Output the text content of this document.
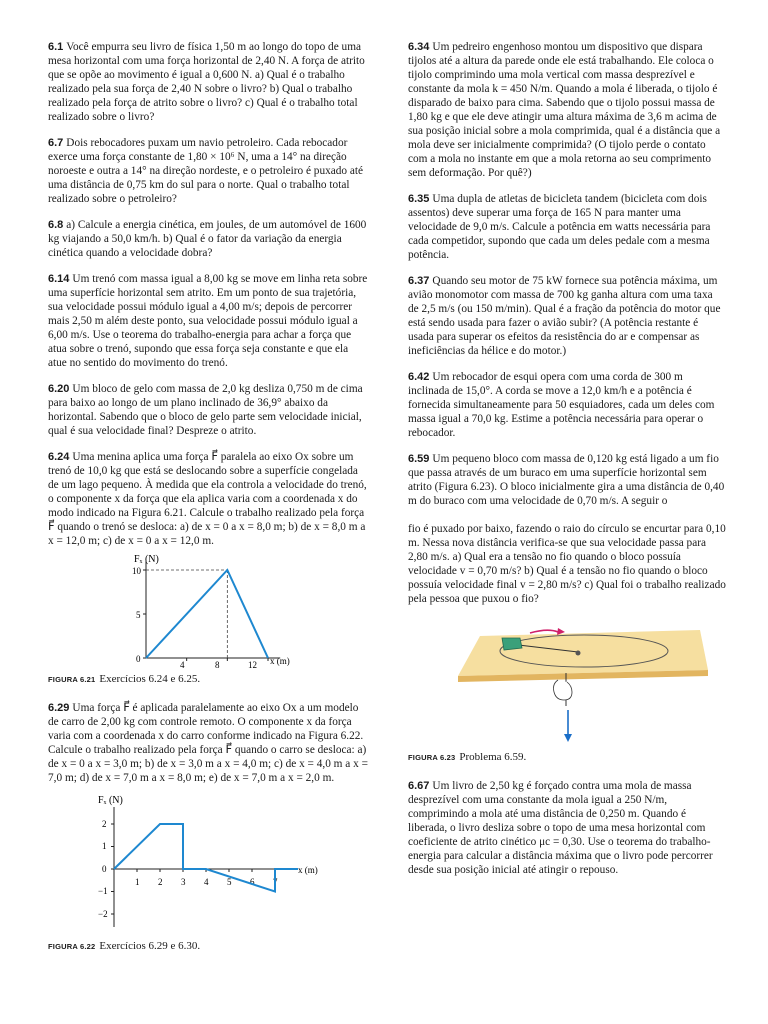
6.1 Você empurra seu livro de física 1,50 m ao longo do topo de uma mesa horizontal com uma força horizontal de 2,40 N. A força de atrito que se opõe ao movimento é igual a 0,600 N. a) Qual é o trabalho realizado pela sua força de 2,40 N sobre o livro? b) Qual o trabalho realizado pela força de atrito sobre o livro? c) Qual é o trabalho total realizado sobre o livro?

6.7 Dois rebocadores puxam um navio petroleiro. Cada rebocador exerce uma força constante de 1,80 × 10⁶ N, uma a 14° na direção noroeste e outra a 14° na direção nordeste, e o petroleiro é puxado até uma distância de 0,75 km do sul para o norte. Qual o trabalho total realizado sobre o petroleiro?

6.8 a) Calcule a energia cinética, em joules, de um automóvel de 1600 kg viajando a 50,0 km/h. b) Qual é o fator da variação da energia cinética quando a velocidade dobra?

6.14 Um trenó com massa igual a 8,00 kg se move em linha reta sobre uma superfície horizontal sem atrito. Em um ponto de sua trajetória, sua velocidade possui módulo igual a 4,00 m/s; depois de percorrer mais 2,50 m além deste ponto, sua velocidade possui módulo igual a 6,00 m/s. Use o teorema do trabalho-energia para achar a força que atua sobre o trenó, supondo que essa força seja constante e que ela atue no sentido do movimento do trenó.

6.20 Um bloco de gelo com massa de 2,0 kg desliza 0,750 m de cima para baixo ao longo de um plano inclinado de 36,9° abaixo da horizontal. Sabendo que o bloco de gelo parte sem velocidade inicial, qual é sua velocidade final? Despreze o atrito.

6.24 Uma menina aplica uma força F⃗ paralela ao eixo Ox sobre um trenó de 10,0 kg que está se deslocando sobre a superfície congelada de um lago pequeno. À medida que ela controla a velocidade do trenó, o componente x da força que ela aplica varia com a coordenada x do modo indicado na Figura 6.21. Calcule o trabalho realizado pela força F⃗ quando o trenó se desloca: a) de x = 0 a x = 8,0 m; b) de x = 8,0 m a x = 12,0 m; c) de x = 0 a x = 12,0 m.

Fₓ (N)
x (m)
0
5
10
4	8	12

FIGURA 6.21 Exercícios 6.24 e 6.25.

6.29 Uma força F⃗ é aplicada paralelamente ao eixo Ox a um modelo de carro de 2,00 kg com controle remoto. O componente x da força varia com a coordenada x do carro conforme indicado na Figura 6.22. Calcule o trabalho realizado pela força F⃗ quando o carro se desloca: a) de x = 0 a x = 3,0 m; b) de x = 3,0 m a x = 4,0 m; c) de x = 4,0 m a x = 7,0 m; d) de x = 7,0 m a x = 8,0 m; e) de x = 7,0 m a x = 2,0 m.

Fₓ (N)
x (m)
2
1
0
−1
−2
1 2 3 4 5 6 7

FIGURA 6.22 Exercícios 6.29 e 6.30.

6.34 Um pedreiro engenhoso montou um dispositivo que dispara tijolos até a altura da parede onde ele está trabalhando. Ele coloca o tijolo comprimindo uma mola vertical com massa desprezível e constante da mola k = 450 N/m. Quando a mola é liberada, o tijolo é disparado de baixo para cima. Sabendo que o tijolo possui massa de 1,80 kg e que ele deve atingir uma altura máxima de 3,6 m acima de sua posição inicial sobre a mola comprimida, qual é a distância que a mola deve ser inicialmente comprimida? (O tijolo perde o contato com a mola no instante em que a mola retorna ao seu comprimento sem deformação. Por quê?)

6.35 Uma dupla de atletas de bicicleta tandem (bicicleta com dois assentos) deve superar uma força de 165 N para manter uma velocidade de 9,0 m/s. Calcule a potência em watts necessária para cada competidor, supondo que cada um deles pedale com a mesma potência.

6.37 Quando seu motor de 75 kW fornece sua potência máxima, um avião monomotor com massa de 700 kg ganha altura com uma taxa de 2,5 m/s (ou 150 m/min). Qual é a fração da potência do motor que está sendo usada para fazer o avião subir? (A potência restante é usada para superar os efeitos da resistência do ar e compensar as ineficiências da hélice e do motor.)

6.42 Um rebocador de esqui opera com uma corda de 300 m inclinada de 15,0°. A corda se move a 12,0 km/h e a potência é fornecida simultaneamente para 50 esquiadores, cada um deles com massa igual a 70,0 kg. Estime a potência necessária para operar o rebocador.

6.59 Um pequeno bloco com massa de 0,120 kg está ligado a um fio que passa através de um buraco em uma superfície horizontal sem atrito (Figura 6.23). O bloco inicialmente gira a uma distância de 0,40 m do buraco com uma velocidade de 0,70 m/s. A seguir o

fio é puxado por baixo, fazendo o raio do círculo se encurtar para 0,10 m. Nessa nova distância verifica-se que sua velocidade passa para 2,80 m/s. a) Qual era a tensão no fio quando o bloco possuía velocidade v = 0,70 m/s? b) Qual é a tensão no fio quando o bloco possuía velocidade final v = 2,80 m/s? c) Qual foi o trabalho realizado pela pessoa que puxou o fio?

FIGURA 6.23 Problema 6.59.

6.67 Um livro de 2,50 kg é forçado contra uma mola de massa desprezível com uma constante da mola igual a 250 N/m, comprimindo a mola até uma distância de 0,250 m. Quando é liberada, o livro desliza sobre o topo de uma mesa horizontal com coeficiente de atrito cinético μc = 0,30. Use o teorema do trabalho-energia para calcular a distância máxima que o livro pode percorrer desde sua posição inicial até atingir o repouso.
